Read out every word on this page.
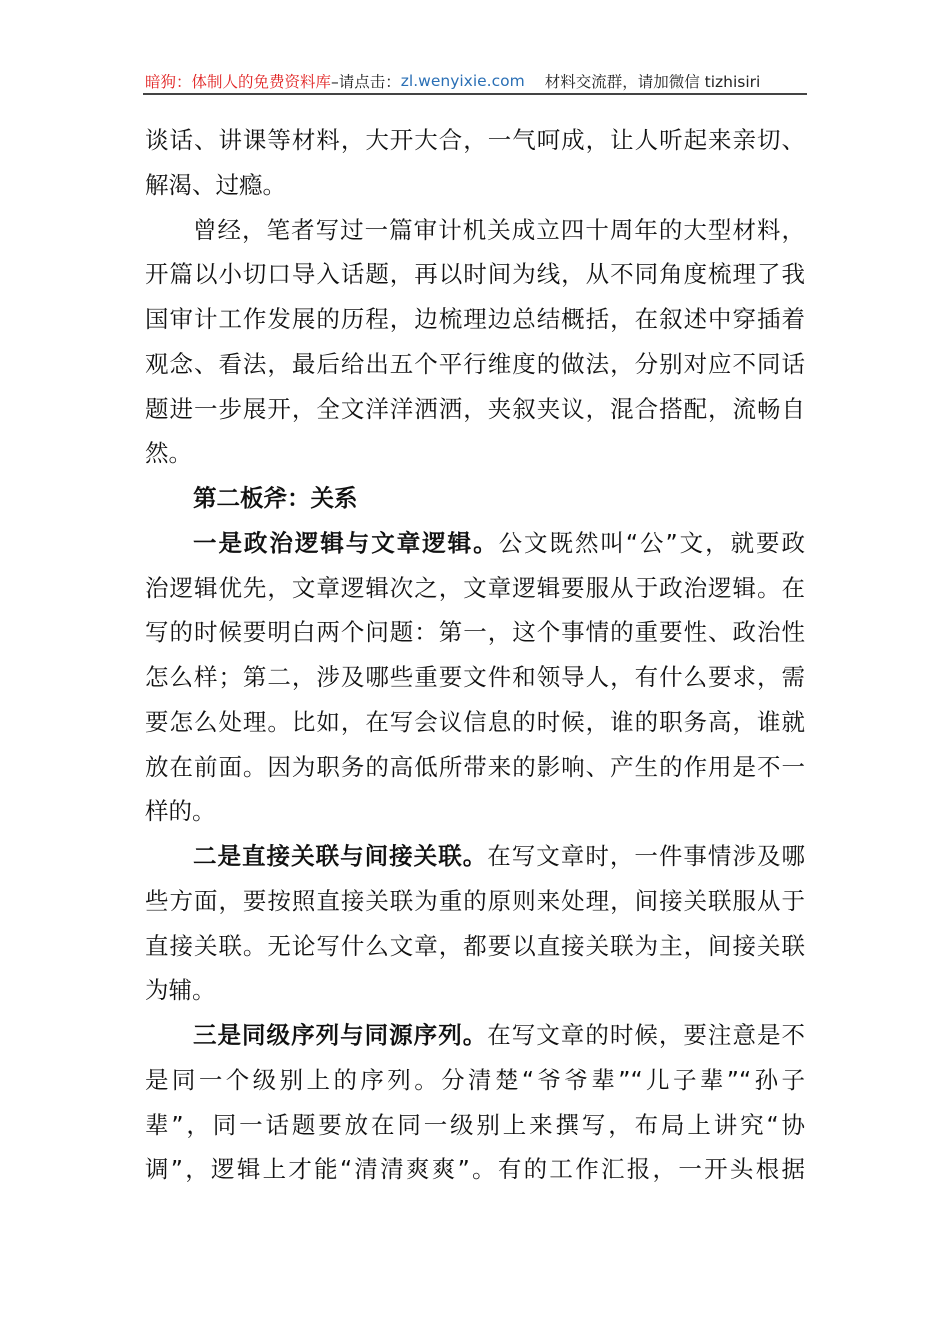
暗狗：体制人的免费资料库 –请点击： zl.wenyixie.com 材料交流群，请加微信 tizhisiri
谈话、讲课等材料，大开大合，一气呵成，让人听起来亲切、
解渴、过瘾。
曾经，笔者写过一篇审计机关成立四十周年的大型材料，
开篇以小切口导入话题，再以时间为线，从不同角度梳理了我
国审计工作发展的历程，边梳理边总结概括，在叙述中穿插着
观念、看法，最后给出五个平行维度的做法，分别对应不同话
题进一步展开，全文洋洋洒洒，夹叙夹议，混合搭配，流畅自
然。
第二板斧：关系
一是政治逻辑与文章逻辑。公文既然叫“公”文，就要政
治逻辑优先，文章逻辑次之，文章逻辑要服从于政治逻辑。在
写的时候要明白两个问题：第一，这个事情的重要性、政治性
怎么样；第二，涉及哪些重要文件和领导人，有什么要求，需
要怎么处理。比如，在写会议信息的时候，谁的职务高，谁就
放在前面。因为职务的高低所带来的影响、产生的作用是不一
样的。
二是直接关联与间接关联。在写文章时，一件事情涉及哪
些方面，要按照直接关联为重的原则来处理，间接关联服从于
直接关联。无论写什么文章，都要以直接关联为主，间接关联
为辅。
三是同级序列与同源序列。在写文章的时候，要注意是不
是同一个级别上的序列。分清楚“爷爷辈”“儿子辈”“孙子
辈”，同一话题要放在同一级别上来撰写，布局上讲究“协
调”，逻辑上才能“清清爽爽”。有的工作汇报，一开头根据
